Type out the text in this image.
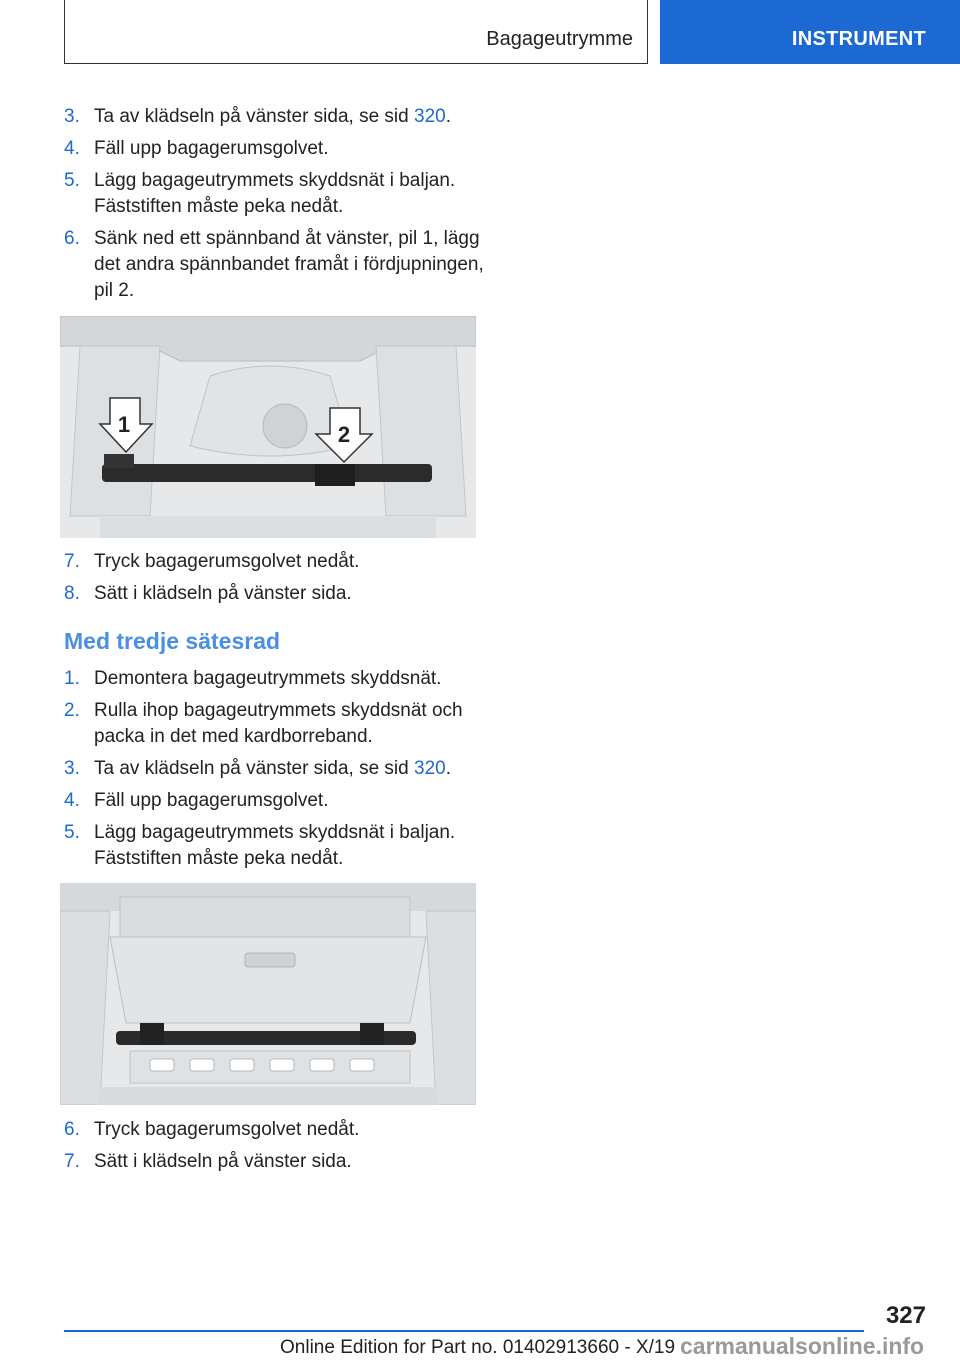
Bagageutrymme	INSTRUMENT
3. Ta av klädseln på vänster sida, se sid 320.
4. Fäll upp bagagerumsgolvet.
5. Lägg bagageutrymmets skyddsnät i baljan. Fäststiften måste peka nedåt.
6. Sänk ned ett spännband åt vänster, pil 1, lägg det andra spännbandet framåt i fördjupningen, pil 2.
1	2
7. Tryck bagagerumsgolvet nedåt.
8. Sätt i klädseln på vänster sida.
Med tredje sätesrad
1. Demontera bagageutrymmets skyddsnät.
2. Rulla ihop bagageutrymmets skyddsnät och packa in det med kardborreband.
3. Ta av klädseln på vänster sida, se sid 320.
4. Fäll upp bagagerumsgolvet.
5. Lägg bagageutrymmets skyddsnät i baljan. Fäststiften måste peka nedåt.
6. Tryck bagagerumsgolvet nedåt.
7. Sätt i klädseln på vänster sida.
327
Online Edition for Part no. 01402913660 - X/19 carmanualsonline.info
